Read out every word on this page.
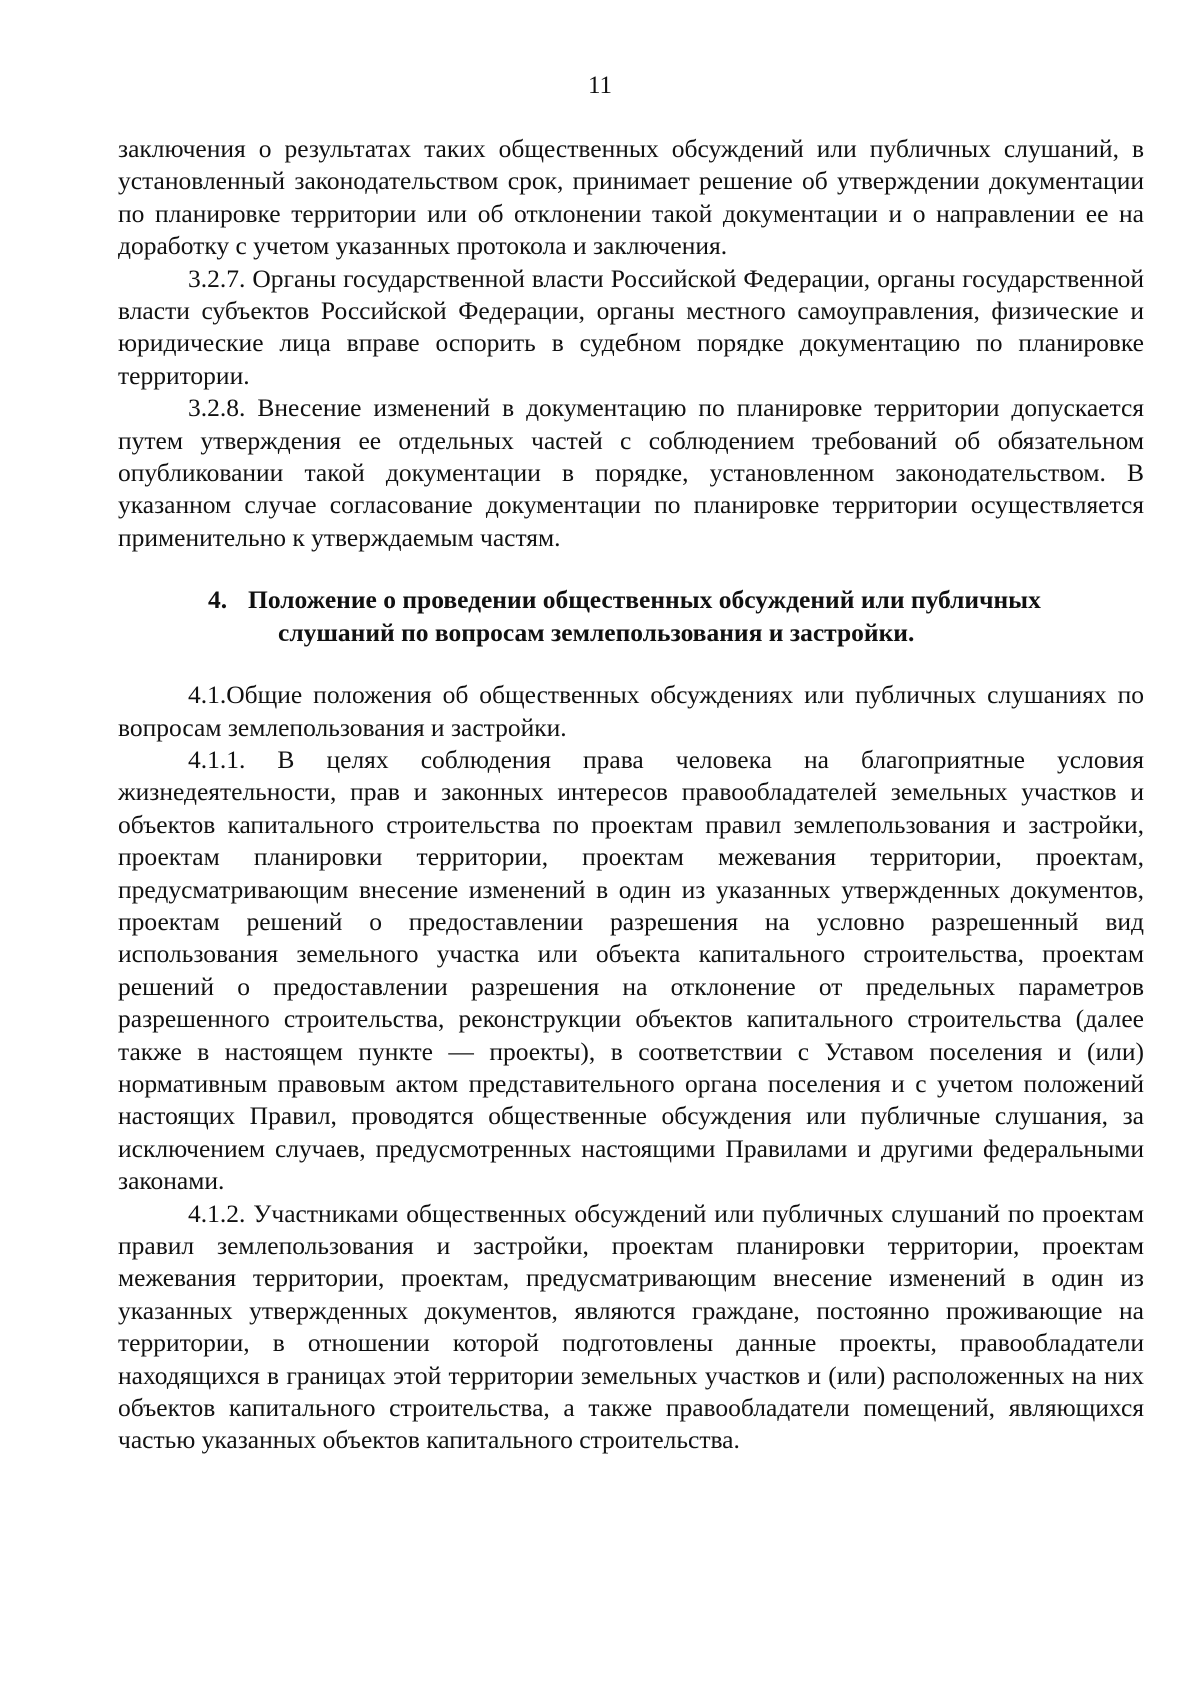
11

заключения о результатах таких общественных обсуждений или публичных слушаний, в установленный законодательством срок, принимает решение об утверждении документации по планировке территории или об отклонении такой документации и о направлении ее на доработку с учетом указанных протокола и заключения.

3.2.7. Органы государственной власти Российской Федерации, органы государственной власти субъектов Российской Федерации, органы местного самоуправления, физические и юридические лица вправе оспорить в судебном порядке документацию по планировке территории.

3.2.8. Внесение изменений в документацию по планировке территории допускается путем утверждения ее отдельных частей с соблюдением требований об обязательном опубликовании такой документации в порядке, установленном законодательством. В указанном случае согласование документации по планировке территории осуществляется применительно к утверждаемым частям.

4. Положение о проведении общественных обсуждений или публичных
слушаний по вопросам землепользования и застройки.

4.1.Общие положения об общественных обсуждениях или публичных слушаниях по вопросам землепользования и застройки.

4.1.1. В целях соблюдения права человека на благоприятные условия жизнедеятельности, прав и законных интересов правообладателей земельных участков и объектов капитального строительства по проектам правил землепользования и застройки, проектам планировки территории, проектам межевания территории, проектам, предусматривающим внесение изменений в один из указанных утвержденных документов, проектам решений о предоставлении разрешения на условно разрешенный вид использования земельного участка или объекта капитального строительства, проектам решений о предоставлении разрешения на отклонение от предельных параметров разрешенного строительства, реконструкции объектов капитального строительства (далее также в настоящем пункте — проекты), в соответствии с Уставом поселения и (или) нормативным правовым актом представительного органа поселения и с учетом положений настоящих Правил, проводятся общественные обсуждения или публичные слушания, за исключением случаев, предусмотренных настоящими Правилами и другими федеральными законами.

4.1.2. Участниками общественных обсуждений или публичных слушаний по проектам правил землепользования и застройки, проектам планировки территории, проектам межевания территории, проектам, предусматривающим внесение изменений в один из указанных утвержденных документов, являются граждане, постоянно проживающие на территории, в отношении которой подготовлены данные проекты, правообладатели находящихся в границах этой территории земельных участков и (или) расположенных на них объектов капитального строительства, а также правообладатели помещений, являющихся частью указанных объектов капитального строительства.
